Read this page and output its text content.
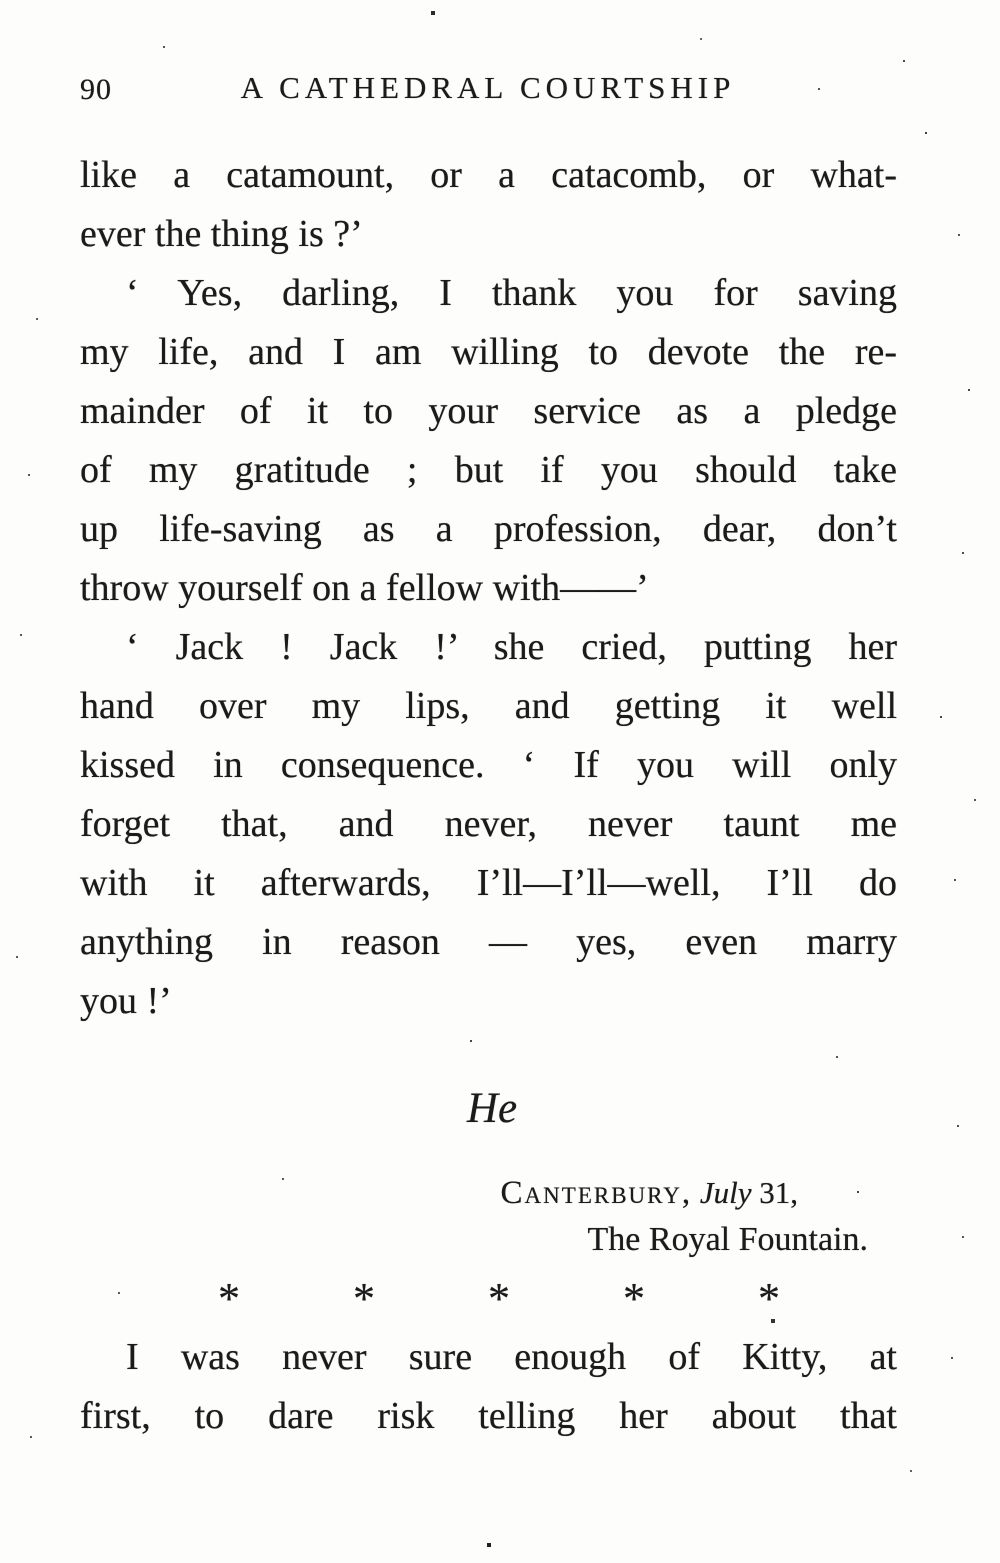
90	A CATHEDRAL COURTSHIP
like a catamount, or a catacomb, or what-
ever the thing is ?’
‘ Yes, darling, I thank you for saving
my life, and I am willing to devote the re-
mainder of it to your service as a pledge
of my gratitude ; but if you should take
up life-saving as a profession, dear, don’t
throw yourself on a fellow with——’
‘ Jack ! Jack !’ she cried, putting her
hand over my lips, and getting it well
kissed in consequence. ‘ If you will only
forget that, and never, never taunt me
with it afterwards, I’ll—I’ll—well, I’ll do
anything in reason — yes, even marry
you !’
He
Canterbury, July 31,
The Royal Fountain.
*	*	*	*	*
I was never sure enough of Kitty, at
first, to dare risk telling her about that
